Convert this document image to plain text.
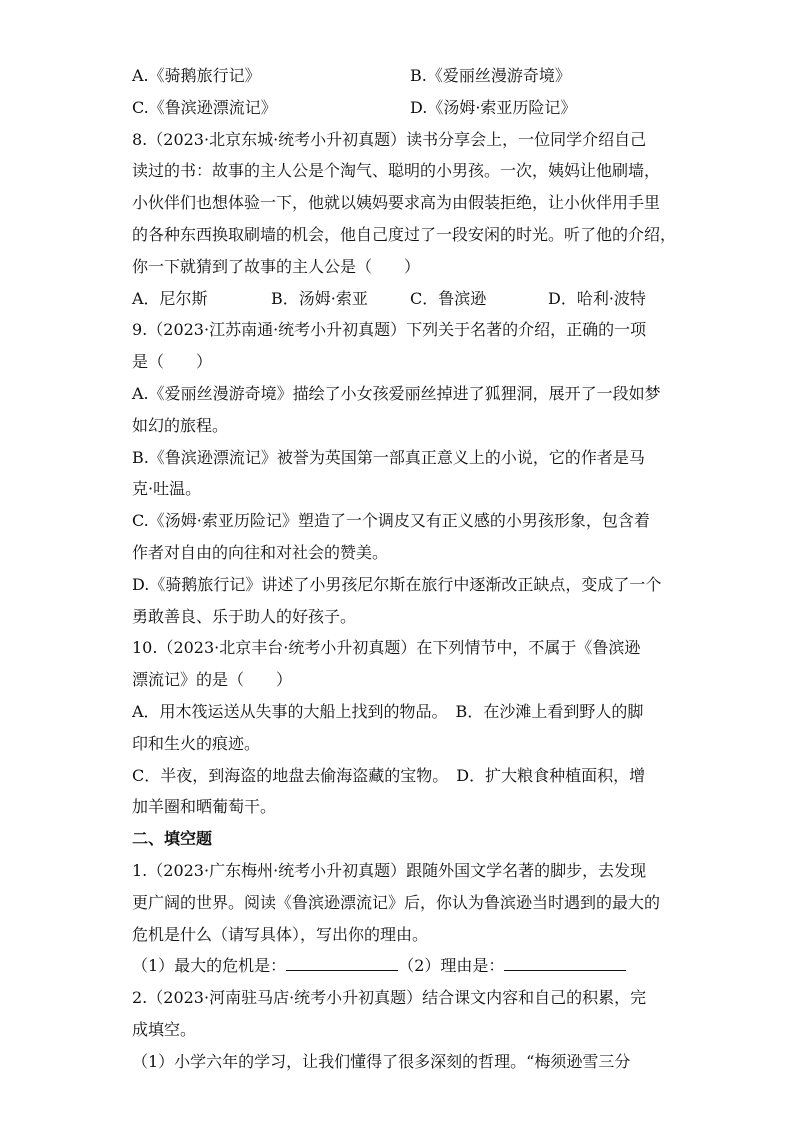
A.《骑鹅旅行记》	B.《爱丽丝漫游奇境》
C.《鲁滨逊漂流记》	D.《汤姆·索亚历险记》
8.（2023·北京东城·统考小升初真题）读书分享会上，一位同学介绍自己
读过的书：故事的主人公是个淘气、聪明的小男孩。一次，姨妈让他刷墙，
小伙伴们也想体验一下，他就以姨妈要求高为由假装拒绝，让小伙伴用手里
的各种东西换取刷墙的机会，他自己度过了一段安闲的时光。听了他的介绍，
你一下就猜到了故事的主人公是（　　）
A．尼尔斯	B．汤姆·索亚	C．鲁滨逊	D．哈利·波特
9.（2023·江苏南通·统考小升初真题）下列关于名著的介绍，正确的一项
是（　　）
A.《爱丽丝漫游奇境》描绘了小女孩爱丽丝掉进了狐狸洞，展开了一段如梦
如幻的旅程。
B.《鲁滨逊漂流记》被誉为英国第一部真正意义上的小说，它的作者是马
克·吐温。
C.《汤姆·索亚历险记》塑造了一个调皮又有正义感的小男孩形象，包含着
作者对自由的向往和对社会的赞美。
D.《骑鹅旅行记》讲述了小男孩尼尔斯在旅行中逐渐改正缺点，变成了一个
勇敢善良、乐于助人的好孩子。
10.（2023·北京丰台·统考小升初真题）在下列情节中，不属于《鲁滨逊
漂流记》的是（　　）
A．用木筏运送从失事的大船上找到的物品。　B．在沙滩上看到野人的脚
印和生火的痕迹。
C．半夜，到海盗的地盘去偷海盗藏的宝物。　D．扩大粮食种植面积，增
加羊圈和晒葡萄干。
二、填空题
1.（2023·广东梅州·统考小升初真题）跟随外国文学名著的脚步，去发现
更广阔的世界。阅读《鲁滨逊漂流记》后，你认为鲁滨逊当时遇到的最大的
危机是什么（请写具体），写出你的理由。
（1）最大的危机是：	（2）理由是：
2.（2023·河南驻马店·统考小升初真题）结合课文内容和自己的积累，完
成填空。
（1）小学六年的学习，让我们懂得了很多深刻的哲理。“梅须逊雪三分
